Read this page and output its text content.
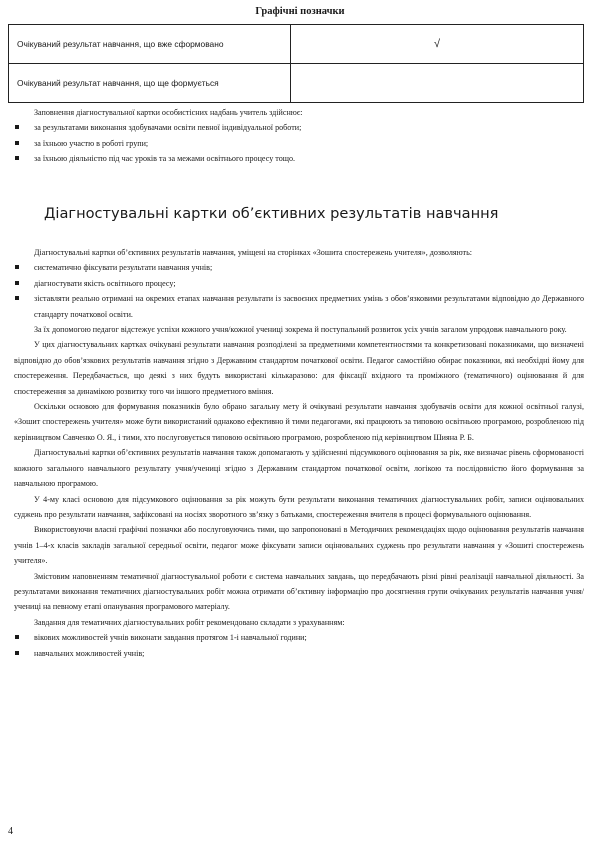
Графічні позначки
Очікуваний результат навчання, що вже сформовано	√
Очікуваний результат навчання, що ще формується	

Заповнення діагностувальної картки особистісних надбань учитель здійснює:

за результатами виконання здобувачами освіти певної індивідуальної роботи;
за їхньою участю в роботі групи;
за їхньою діяльністю під час уроків та за межами освітнього процесу тощо.
Діагностувальні картки об’єктивних результатів навчання

Діагностувальні картки об’єктивних результатів навчання, уміщені на сторінках «Зошита спостережень учителя», дозволяють:

систематично фіксувати результати навчання учнів;
діагностувати якість освітнього процесу;
зіставляти реально отримані на окремих етапах навчання результати із засвоєних предметних умінь з обов’язковими результатами відповідно до Державного стандарту початкової освіти.

За їх допомогою педагог відстежує успіхи кожного учня/кожної учениці зокрема й поступальний розвиток усіх учнів загалом упродовж навчального року.

У цих діагностувальних картках очікувані результати навчання розподілені за предметними компетентностями та конкретизовані показниками, що визначені відповідно до обов’язкових результатів навчання згідно з Державним стандартом початкової освіти. Педагог самостійно обирає показники, які необхідні йому для спостереження. Передбачається, що деякі з них будуть використані кількаразово: для фіксації вхідного та проміжного (тематичного) оцінювання й для спостереження за динамікою розвитку того чи іншого предметного вміння.

Оскільки основою для формування показників було обрано загальну мету й очікувані результати навчання здобувачів освіти для кожної освітньої галузі, «Зошит спостережень учителя» може бути використаний однаково ефективно й тими педагогами, які працюють за типовою освітньою програмою, розробленою під керівництвом Савченко О. Я., і тими, хто послуговується типовою освітньою програмою, розробленою під керівництвом Шияна Р. Б.

Діагностувальні картки об’єктивних результатів навчання також допомагають у здійсненні підсумкового оцінювання за рік, яке визначає рівень сформованості кожного загального навчального результату учня/учениці згідно з Державним стандартом початкової освіти, логікою та послідовністю його формування за навчальною програмою.

У 4-му класі основою для підсумкового оцінювання за рік можуть бути результати виконання тематичних діагностувальних робіт, записи оцінювальних суджень про результати навчання, зафіксовані на носіях зворотного зв’язку з батьками, спостереження вчителя в процесі формувального оцінювання.

Використовуючи власні графічні позначки або послуговуючись тими, що запропоновані в Методичних рекомендаціях щодо оцінювання результатів навчання учнів 1–4-х класів закладів загальної середньої освіти, педагог може фіксувати записи оцінювальних суджень про результати навчання у «Зошиті спостережень учителя».

Змістовим наповненням тематичної діагностувальної роботи є система навчальних завдань, що передбачають різні рівні реалізації навчальної діяльності. За результатами виконання тематичних діагностувальних робіт можна отримати об’єктивну інформацію про досягнення групи очікуваних результатів навчання учня/учениці на певному етапі опанування програмового матеріалу.

Завдання для тематичних діагностувальних робіт рекомендовано складати з урахуванням:

вікових можливостей учнів виконати завдання протягом 1-і навчальної години;
навчальних можливостей учнів;
4
